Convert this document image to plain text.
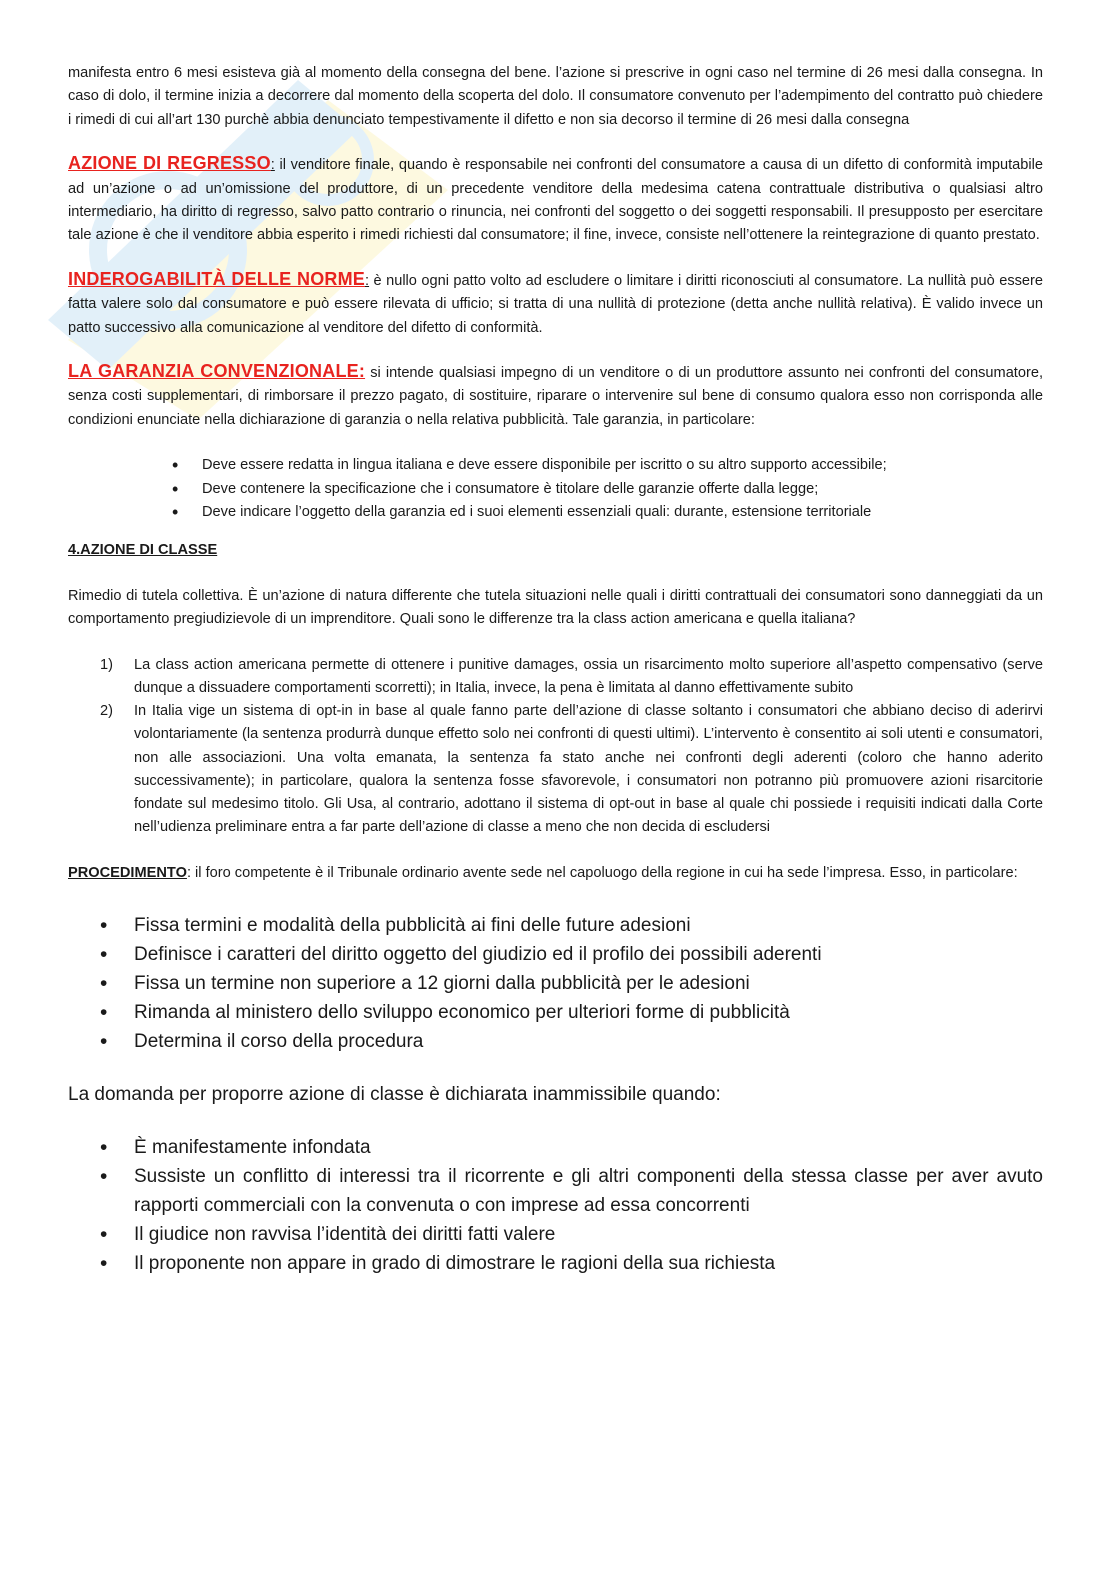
manifesta entro 6 mesi esisteva già al momento della consegna del bene. l’azione si prescrive in ogni caso nel termine di 26 mesi dalla consegna. In caso di dolo, il termine inizia a decorrere dal momento della scoperta del dolo. Il consumatore convenuto per l’adempimento del contratto può chiedere i rimedi di cui all’art 130 purchè abbia denunciato tempestivamente il difetto e non sia decorso il termine di 26 mesi dalla consegna

AZIONE DI REGRESSO: il venditore finale, quando è responsabile nei confronti del consumatore a causa di un difetto di conformità imputabile ad un’azione o ad un’omissione del produttore, di un precedente venditore della medesima catena contrattuale distributiva o qualsiasi altro intermediario, ha diritto di regresso, salvo patto contrario o rinuncia, nei confronti del soggetto o dei soggetti responsabili. Il presupposto per esercitare tale azione è che il venditore abbia esperito i rimedi richiesti dal consumatore; il fine, invece, consiste nell’ottenere la reintegrazione di quanto prestato.

INDEROGABILITÀ DELLE NORME: è nullo ogni patto volto ad escludere o limitare i diritti riconosciuti al consumatore. La nullità può essere fatta valere solo dal consumatore e può essere rilevata di ufficio; si tratta di una nullità di protezione (detta anche nullità relativa). È valido invece un patto successivo alla comunicazione al venditore del difetto di conformità.

LA GARANZIA CONVENZIONALE: si intende qualsiasi impegno di un venditore o di un produttore assunto nei confronti del consumatore, senza costi supplementari, di rimborsare il prezzo pagato, di sostituire, riparare o intervenire sul bene di consumo qualora esso non corrisponda alle condizioni enunciate nella dichiarazione di garanzia o nella relativa pubblicità. Tale garanzia, in particolare:

• Deve essere redatta in lingua italiana e deve essere disponibile per iscritto o su altro supporto accessibile;
• Deve contenere la specificazione che i consumatore è titolare delle garanzie offerte dalla legge;
• Deve indicare l’oggetto della garanzia ed i suoi elementi essenziali quali: durante, estensione territoriale
4.AZIONE DI CLASSE

Rimedio di tutela collettiva. È un’azione di natura differente che tutela situazioni nelle quali i diritti contrattuali dei consumatori sono danneggiati da un comportamento pregiudizievole di un imprenditore. Quali sono le differenze tra la class action americana e quella italiana?

1) La class action americana permette di ottenere i punitive damages, ossia un risarcimento molto superiore all’aspetto compensativo (serve dunque a dissuadere comportamenti scorretti); in Italia, invece, la pena è limitata al danno effettivamente subito
2) In Italia vige un sistema di opt-in in base al quale fanno parte dell’azione di classe soltanto i consumatori che abbiano deciso di aderirvi volontariamente (la sentenza produrrà dunque effetto solo nei confronti di questi ultimi). L’intervento è consentito ai soli utenti e consumatori, non alle associazioni. Una volta emanata, la sentenza fa stato anche nei confronti degli aderenti (coloro che hanno aderito successivamente); in particolare, qualora la sentenza fosse sfavorevole, i consumatori non potranno più promuovere azioni risarcitorie fondate sul medesimo titolo. Gli Usa, al contrario, adottano il sistema di opt-out in base al quale chi possiede i requisiti indicati dalla Corte nell’udienza preliminare entra a far parte dell’azione di classe a meno che non decida di escludersi

PROCEDIMENTO: il foro competente è il Tribunale ordinario avente sede nel capoluogo della regione in cui ha sede l’impresa. Esso, in particolare:

• Fissa termini e modalità della pubblicità ai fini delle future adesioni
• Definisce i caratteri del diritto oggetto del giudizio ed il profilo dei possibili aderenti
• Fissa un termine non superiore a 12 giorni dalla pubblicità per le adesioni
• Rimanda al ministero dello sviluppo economico per ulteriori forme di pubblicità
• Determina il corso della procedura

La domanda per proporre azione di classe è dichiarata inammissibile quando:

• È manifestamente infondata
• Sussiste un conflitto di interessi tra il ricorrente e gli altri componenti della stessa classe per aver avuto rapporti commerciali con la convenuta o con imprese ad essa concorrenti
• Il giudice non ravvisa l’identità dei diritti fatti valere
• Il proponente non appare in grado di dimostrare le ragioni della sua richiesta
